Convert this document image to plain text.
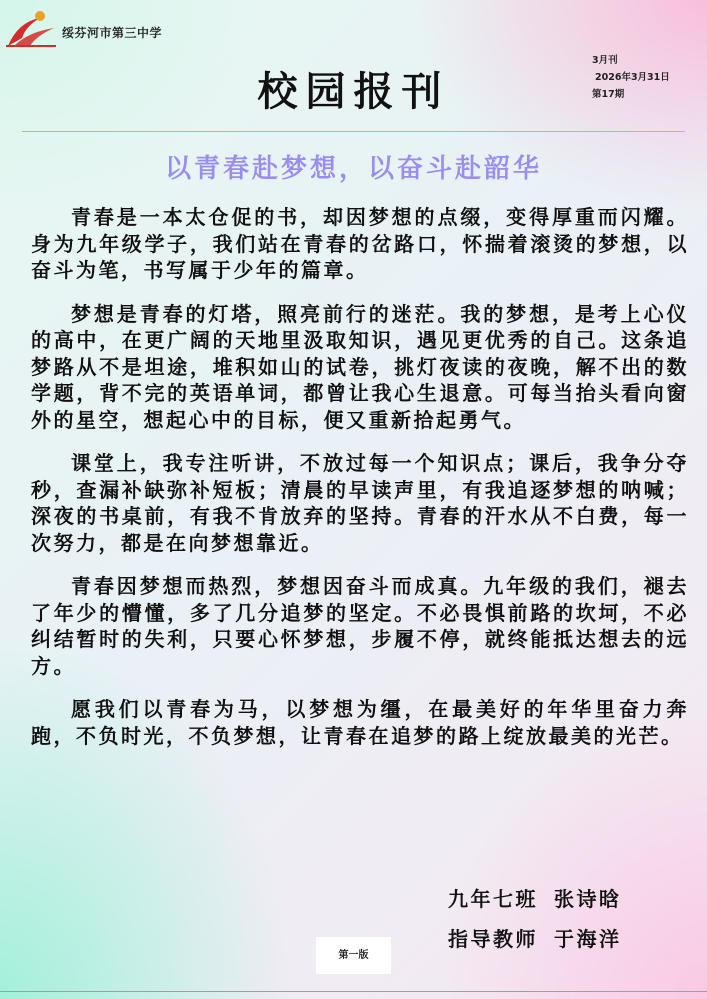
绥芬河市第三中学
校园报刊
3月刊
2026年3月31日
第17期
以青春赴梦想，以奋斗赴韶华

青春是一本太仓促的书，却因梦想的点缀，变得厚重而闪耀。身为九年级学子，我们站在青春的岔路口，怀揣着滚烫的梦想，以奋斗为笔，书写属于少年的篇章。

梦想是青春的灯塔，照亮前行的迷茫。我的梦想，是考上心仪的高中，在更广阔的天地里汲取知识，遇见更优秀的自己。这条追梦路从不是坦途，堆积如山的试卷，挑灯夜读的夜晚，解不出的数学题，背不完的英语单词，都曾让我心生退意。可每当抬头看向窗外的星空，想起心中的目标，便又重新拾起勇气。

课堂上，我专注听讲，不放过每一个知识点；课后，我争分夺秒，查漏补缺弥补短板；清晨的早读声里，有我追逐梦想的呐喊；深夜的书桌前，有我不肯放弃的坚持。青春的汗水从不白费，每一次努力，都是在向梦想靠近。

青春因梦想而热烈，梦想因奋斗而成真。九年级的我们，褪去了年少的懵懂，多了几分追梦的坚定。不必畏惧前路的坎坷，不必纠结暂时的失利，只要心怀梦想，步履不停，就终能抵达想去的远方。

愿我们以青春为马，以梦想为缰，在最美好的年华里奋力奔跑，不负时光，不负梦想，让青春在追梦的路上绽放最美的光芒。

九年七班 张诗晗
指导教师 于海洋
第一版
